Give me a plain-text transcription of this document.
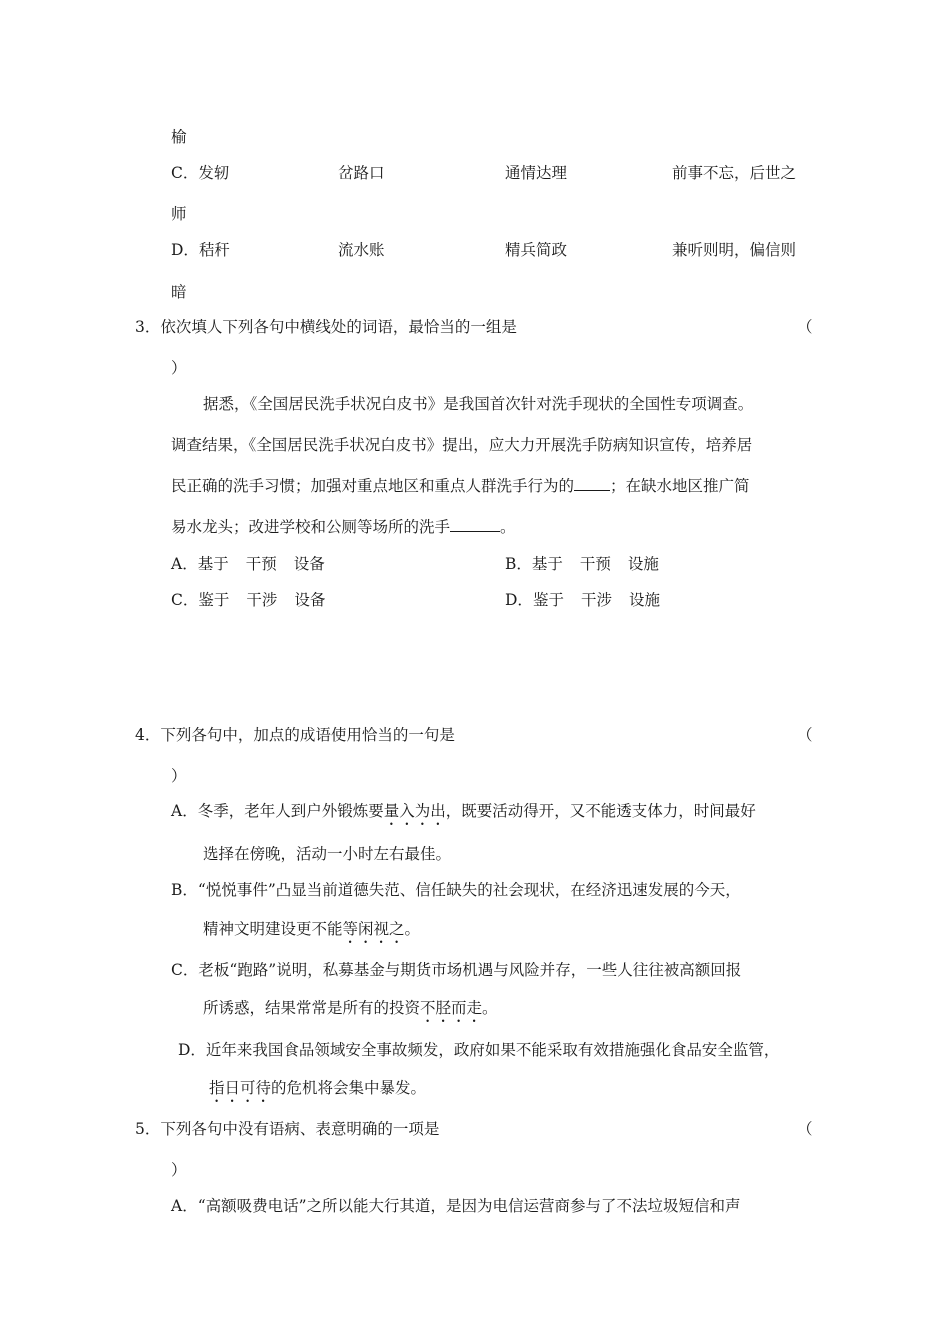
榆
C．发轫	岔路口	通情达理	前事不忘，后世之
师
D．秸秆	流水账	精兵简政	兼听则明，偏信则
暗
3．依次填人下列各句中横线处的词语，最恰当的一组是	（
）
据悉，《全国居民洗手状况白皮书》是我国首次针对洗手现状的全国性专项调查。
调查结果，《全国居民洗手状况白皮书》提出，应大力开展洗手防病知识宣传，培养居
民正确的洗手习惯；加强对重点地区和重点人群洗手行为的 ；在缺水地区推广简
易水龙头；改进学校和公厕等场所的洗手	。
A．基于 干预 设备	B．基于 干预 设施
C．鉴于 干涉 设备	D．鉴于 干涉 设施
4．下列各句中，加点的成语使用恰当的一句是	（
）
A．冬季，老年人到户外锻炼要量入为出，既要活动得开，又不能透支体力，时间最好
选择在傍晚，活动一小时左右最佳。
B．“悦悦事件”凸显当前道德失范、信任缺失的社会现状，在经济迅速发展的今天，
精神文明建设更不能等闲视之。
C．老板“跑路”说明，私募基金与期货市场机遇与风险并存，一些人往往被高额回报
所诱惑，结果常常是所有的投资不胫而走。
D．近年来我国食品领域安全事故频发，政府如果不能采取有效措施强化食品安全监管，
指日可待的危机将会集中暴发。
5．下列各句中没有语病、表意明确的一项是	（
）
A．“高额吸费电话”之所以能大行其道，是因为电信运营商参与了不法垃圾短信和声
